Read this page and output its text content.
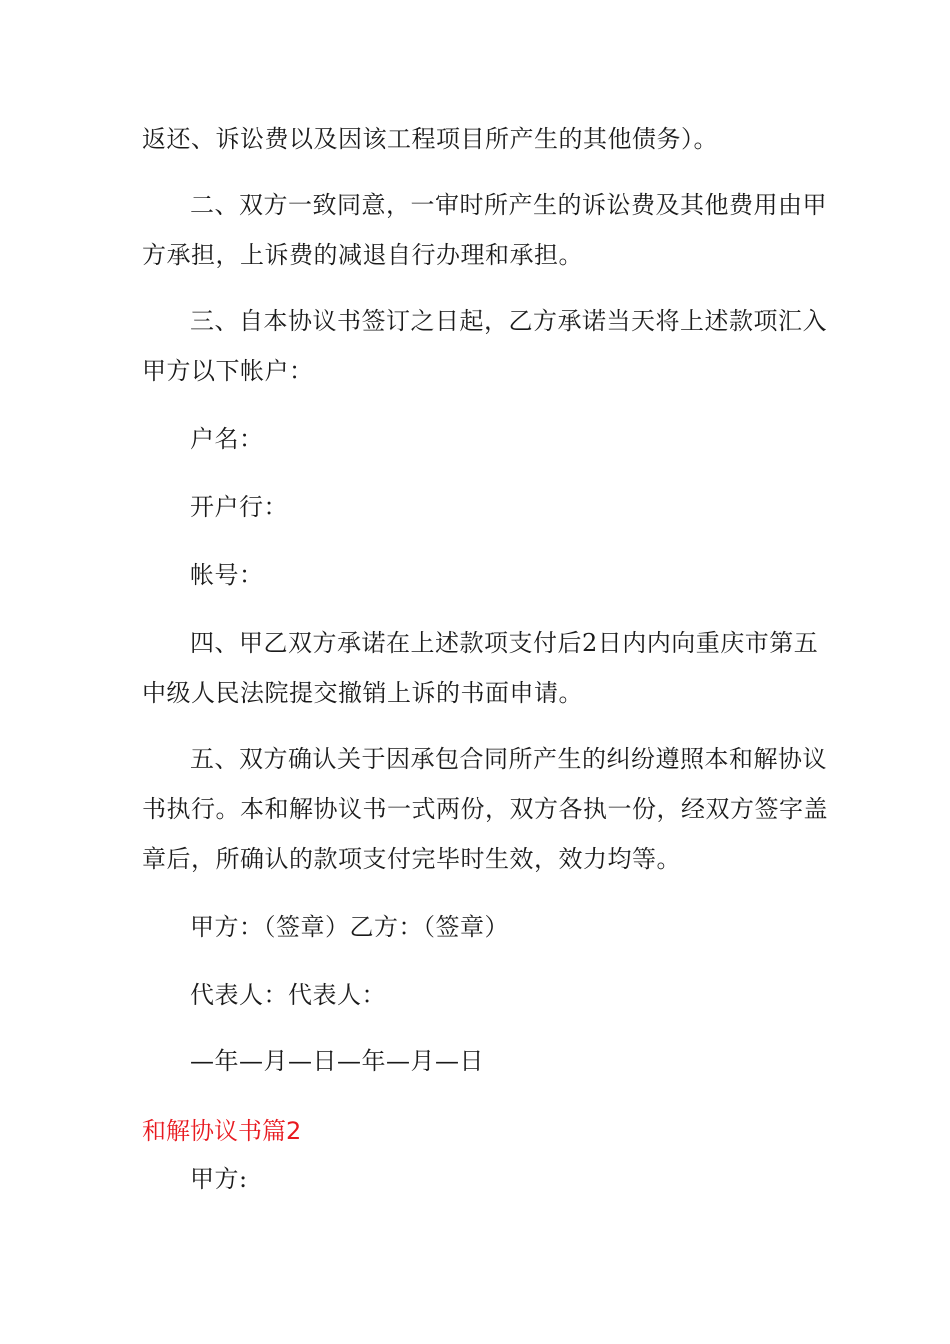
返还、诉讼费以及因该工程项目所产生的其他债务）。
二、双方一致同意，一审时所产生的诉讼费及其他费用由甲
方承担，上诉费的减退自行办理和承担。
三、自本协议书签订之日起，乙方承诺当天将上述款项汇入
甲方以下帐户：
户名：
开户行：
帐号：
四、甲乙双方承诺在上述款项支付后2日内内向重庆市第五
中级人民法院提交撤销上诉的书面申请。
五、双方确认关于因承包合同所产生的纠纷遵照本和解协议
书执行。本和解协议书一式两份，双方各执一份，经双方签字盖
章后，所确认的款项支付完毕时生效，效力均等。
甲方：（签章）乙方：（签章）
代表人：代表人：
—年—月—日—年—月—日
和解协议书篇2
甲方:
